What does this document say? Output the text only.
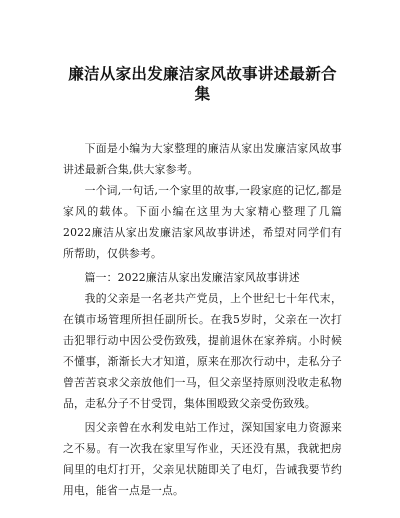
廉洁从家出发廉洁家风故事讲述最新合集

下面是小编为大家整理的廉洁从家出发廉洁家风故事讲述最新合集,供大家参考。

一个词,一句话,一个家里的故事,一段家庭的记忆,都是家风的载体。下面小编在这里为大家精心整理了几篇2022廉洁从家出发廉洁家风故事讲述，希望对同学们有所帮助，仅供参考。

篇一：2022廉洁从家出发廉洁家风故事讲述

我的父亲是一名老共产党员，上个世纪七十年代末，在镇市场管理所担任副所长。在我5岁时，父亲在一次打击犯罪行动中因公受伤致残，提前退休在家养病。小时候不懂事，渐渐长大才知道，原来在那次行动中，走私分子曾苦苦哀求父亲放他们一马，但父亲坚持原则没收走私物品，走私分子不甘受罚，集体围殴致父亲受伤致残。

因父亲曾在水利发电站工作过，深知国家电力资源来之不易。有一次我在家里写作业，天还没有黑，我就把房间里的电灯打开，父亲见状随即关了电灯，告诫我要节约用电，能省一点是一点。
